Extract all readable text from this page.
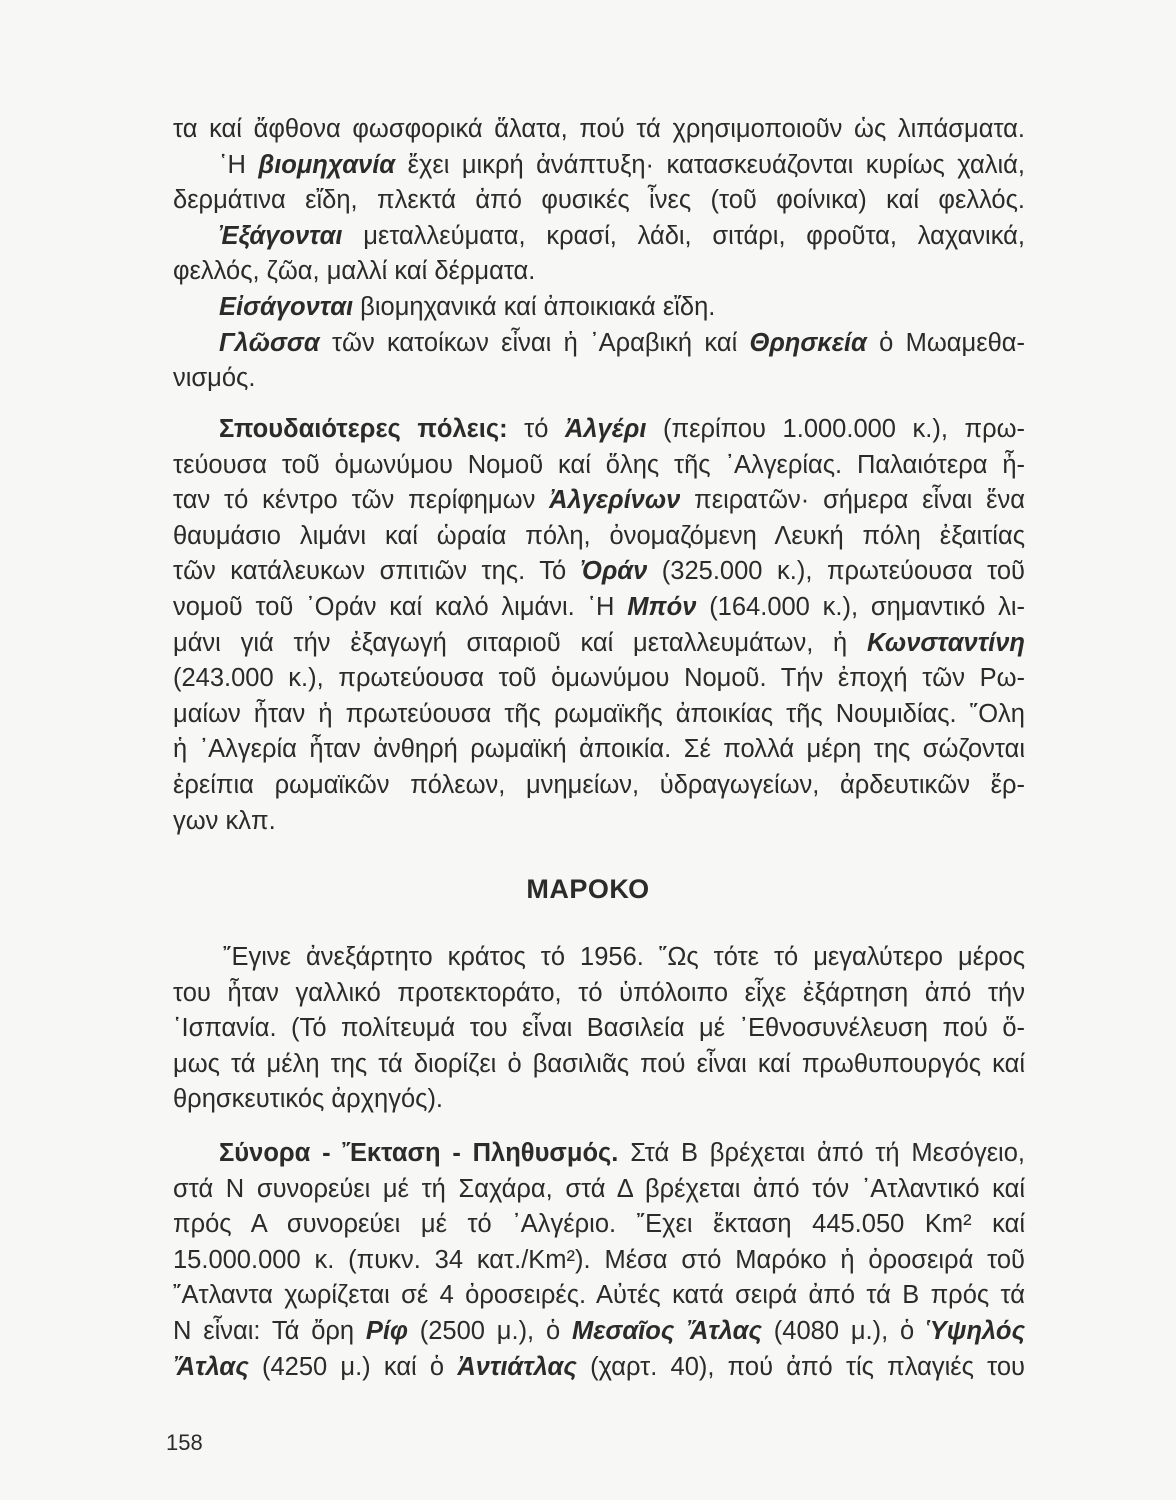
τα καί ἄφθονα φωσφορικά ἅλατα, πού τά χρησιμοποιοῦν ὡς λιπάσματα.
῾Η βιομηχανία ἔχει μικρή ἀνάπτυξη· κατασκευάζονται κυρίως χαλιά,
δερμάτινα εἴδη, πλεκτά ἀπό φυσικές ἶνες (τοῦ φοίνικα) καί φελλός.
Ἐξάγονται μεταλλεύματα, κρασί, λάδι, σιτάρι, φροῦτα, λαχανικά,
φελλός, ζῶα, μαλλί καί δέρματα.
Εἰσάγονται βιομηχανικά καί ἀποικιακά εἴδη.
Γλῶσσα τῶν κατοίκων εἶναι ἡ ᾿Αραβική καί Θρησκεία ὁ Μωαμεθα-
νισμός.
Σπουδαιότερες πόλεις: τό Ἀλγέρι (περίπου 1.000.000 κ.), πρω-
τεύουσα τοῦ ὁμωνύμου Νομοῦ καί ὅλης τῆς ᾿Αλγερίας. Παλαιότερα ἦ-
ταν τό κέντρο τῶν περίφημων Ἀλγερίνων πειρατῶν· σήμερα εἶναι ἕνα
θαυμάσιο λιμάνι καί ὡραία πόλη, ὀνομαζόμενη Λευκή πόλη ἐξαιτίας
τῶν κατάλευκων σπιτιῶν της. Τό Ὀράν (325.000 κ.), πρωτεύουσα τοῦ
νομοῦ τοῦ ᾿Οράν καί καλό λιμάνι. ῾Η Μπόν (164.000 κ.), σημαντικό λι-
μάνι γιά τήν ἐξαγωγή σιταριοῦ καί μεταλλευμάτων, ἡ Κωνσταντίνη
(243.000 κ.), πρωτεύουσα τοῦ ὁμωνύμου Νομοῦ. Τήν ἐποχή τῶν Ρω-
μαίων ἦταν ἡ πρωτεύουσα τῆς ρωμαϊκῆς ἀποικίας τῆς Νουμιδίας. ῞Ολη
ἡ ᾿Αλγερία ἦταν ἀνθηρή ρωμαϊκή ἀποικία. Σέ πολλά μέρη της σώζονται
ἐρείπια ρωμαϊκῶν πόλεων, μνημείων, ὑδραγωγείων, ἀρδευτικῶν ἔρ-
γων κλπ.
ΜΑΡΟΚΟ
῎Εγινε ἀνεξάρτητο κράτος τό 1956. ῞Ως τότε τό μεγαλύτερο μέρος
του ἦταν γαλλικό προτεκτοράτο, τό ὑπόλοιπο εἶχε ἐξάρτηση ἀπό τήν
῾Ισπανία. (Τό πολίτευμά του εἶναι Βασιλεία μέ ᾿Εθνοσυνέλευση πού ὅ-
μως τά μέλη της τά διορίζει ὁ βασιλιᾶς πού εἶναι καί πρωθυπουργός καί
θρησκευτικός ἀρχηγός).
Σύνορα - Ἔκταση - Πληθυσμός. Στά Β βρέχεται ἀπό τή Μεσόγειο,
στά Ν συνορεύει μέ τή Σαχάρα, στά Δ βρέχεται ἀπό τόν ᾿Ατλαντικό καί
πρός Α συνορεύει μέ τό ᾿Αλγέριο. ῎Εχει ἔκταση 445.050 Km² καί
15.000.000 κ. (πυκν. 34 κατ./Km²). Μέσα στό Μαρόκο ἡ ὀροσειρά τοῦ
῎Ατλαντα χωρίζεται σέ 4 ὀροσειρές. Αὐτές κατά σειρά ἀπό τά Β πρός τά
Ν εἶναι: Τά ὄρη Ρίφ (2500 μ.), ὁ Μεσαῖος Ἄτλας (4080 μ.), ὁ Ὑψηλός
Ἄτλας (4250 μ.) καί ὁ Ἀντιάτλας (χαρτ. 40), πού ἀπό τίς πλαγιές του
158
